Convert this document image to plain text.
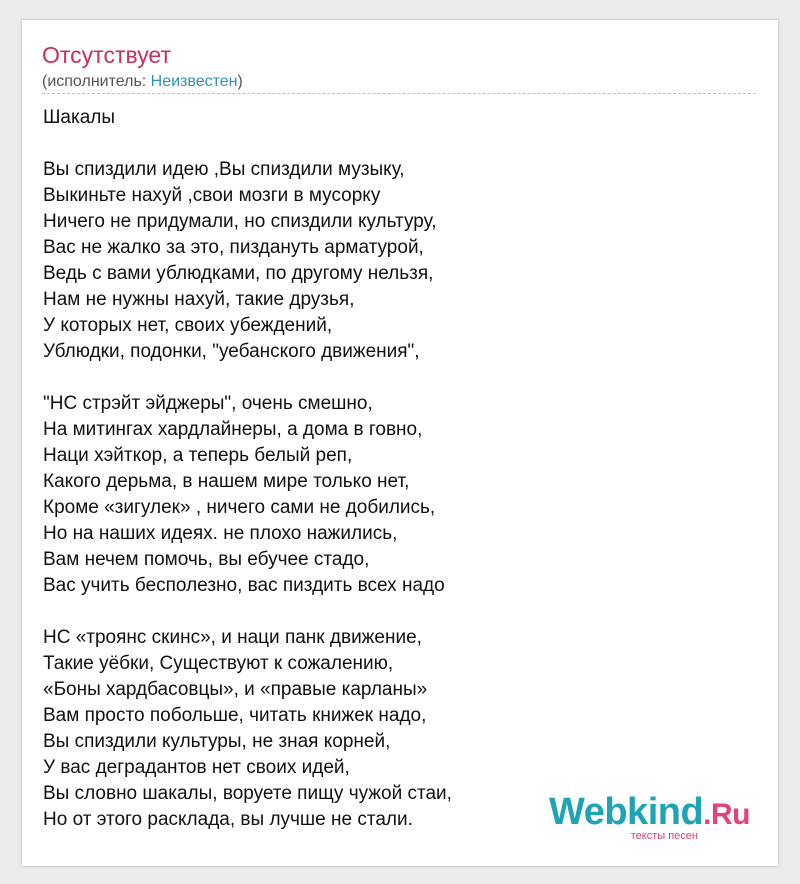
Отсутствует
(исполнитель: Неизвестен)
Шакалы
Вы спиздили идею ,Вы спиздили музыку,
Выкиньте нахуй ,свои мозги в мусорку
Ничего не придумали, но спиздили культуру,
Вас не жалко за это, пиздануть арматурой,
Ведь с вами ублюдками, по другому нельзя,
Нам не нужны нахуй, такие друзья,
У которых нет, своих убеждений,
Ублюдки, подонки, "уебанского движения",
"НС стрэйт эйджеры", очень смешно,
На митингах хардлайнеры, а дома в говно,
Наци хэйткор, а теперь белый реп,
Какого дерьма, в нашем мире только нет,
Кроме «зигулек» , ничего сами не добились,
Но на наших идеях. не плохо нажились,
Вам нечем помочь, вы ебучее стадо,
Вас учить бесполезно, вас пиздить всех надо
НС «троянс скинс», и наци панк движение,
Такие уёбки, Существуют к сожалению,
«Боны хардбасовцы», и «правые карланы»
Вам просто побольше, читать книжек надо,
Вы спиздили культуры, не зная корней,
У вас деградантов нет своих идей,
Вы словно шакалы, воруете пищу чужой стаи,
Но от этого расклада, вы лучше не стали.	Webkind.Ru
тексты песен
